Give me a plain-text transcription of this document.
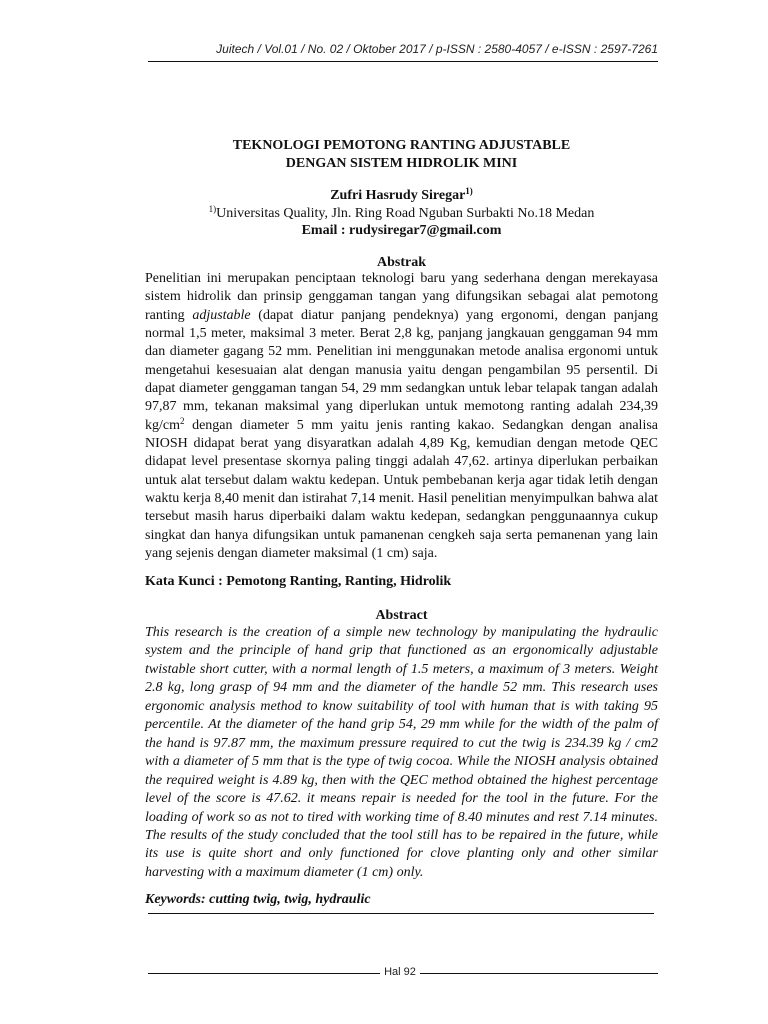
Juitech / Vol.01 / No. 02 / Oktober 2017 / p-ISSN : 2580-4057 / e-ISSN : 2597-7261
TEKNOLOGI PEMOTONG RANTING ADJUSTABLE
DENGAN SISTEM HIDROLIK MINI
Zufri Hasrudy Siregar$^{1)}$
$^{1)}$Universitas Quality, Jln. Ring Road Nguban Surbakti No.18 Medan
Email : rudysiregar7@gmail.com
Abstrak

Penelitian ini merupakan penciptaan teknologi baru yang sederhana dengan merekayasa sistem hidrolik dan prinsip genggaman tangan yang difungsikan sebagai alat pemotong ranting adjustable (dapat diatur panjang pendeknya) yang ergonomi, dengan panjang normal 1,5 meter, maksimal 3 meter. Berat 2,8 kg, panjang jangkauan genggaman 94 mm dan diameter gagang 52 mm. Penelitian ini menggunakan metode analisa ergonomi untuk mengetahui kesesuaian alat dengan manusia yaitu dengan pengambilan 95 persentil. Di dapat diameter genggaman tangan 54, 29 mm sedangkan untuk lebar telapak tangan adalah 97,87 mm, tekanan maksimal yang diperlukan untuk memotong ranting adalah 234,39 $kg/cm^2$ dengan diameter 5 mm yaitu jenis ranting kakao. Sedangkan dengan analisa NIOSH didapat berat yang disyaratkan adalah 4,89 Kg, kemudian dengan metode QEC didapat level presentase skornya paling tinggi adalah 47,62. artinya diperlukan perbaikan untuk alat tersebut dalam waktu kedepan. Untuk pembebanan kerja agar tidak letih dengan waktu kerja 8,40 menit dan istirahat 7,14 menit. Hasil penelitian menyimpulkan bahwa alat tersebut masih harus diperbaiki dalam waktu kedepan, sedangkan penggunaannya cukup singkat dan hanya difungsikan untuk pamanenan cengkeh saja serta pemanenan yang lain yang sejenis dengan diameter maksimal (1 cm) saja.

Kata Kunci : Pemotong Ranting, Ranting, Hidrolik
Abstract

This research is the creation of a simple new technology by manipulating the hydraulic system and the principle of hand grip that functioned as an ergonomically adjustable twistable short cutter, with a normal length of 1.5 meters, a maximum of 3 meters. Weight 2.8 kg, long grasp of 94 mm and the diameter of the handle 52 mm. This research uses ergonomic analysis method to know suitability of tool with human that is with taking 95 percentile. At the diameter of the hand grip 54, 29 mm while for the width of the palm of the hand is 97.87 mm, the maximum pressure required to cut the twig is 234.39 kg / cm2 with a diameter of 5 mm that is the type of twig cocoa. While the NIOSH analysis obtained the required weight is 4.89 kg, then with the QEC method obtained the highest percentage level of the score is 47.62. it means repair is needed for the tool in the future. For the loading of work so as not to tired with working time of 8.40 minutes and rest 7.14 minutes. The results of the study concluded that the tool still has to be repaired in the future, while its use is quite short and only functioned for clove planting only and other similar harvesting with a maximum diameter (1 cm) only.

Keywords: cutting twig, twig, hydraulic
Hal 92
